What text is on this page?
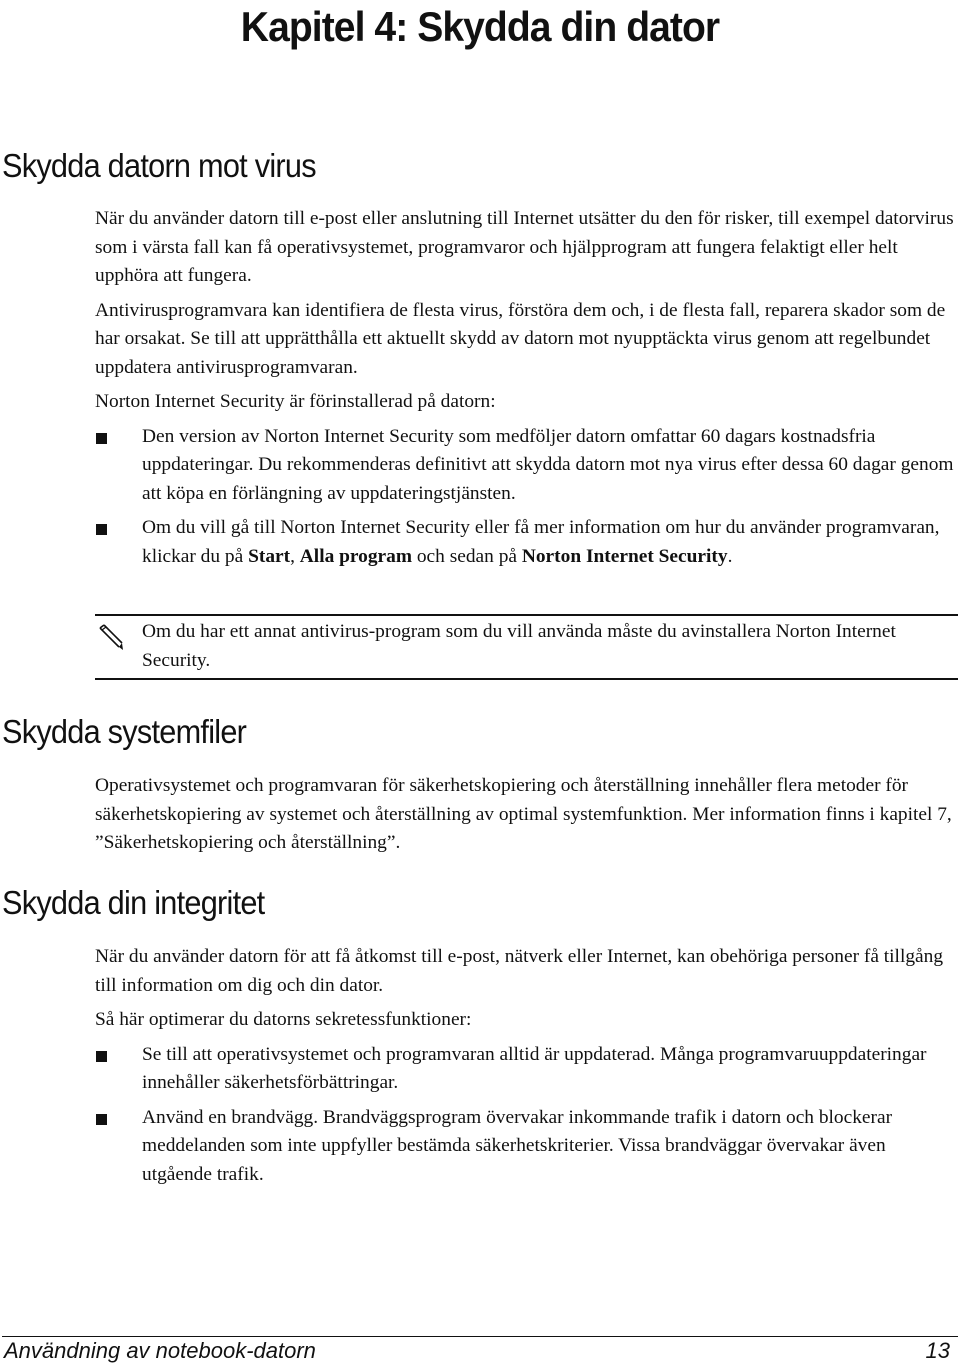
Kapitel 4: Skydda din dator
Skydda datorn mot virus

När du använder datorn till e-post eller anslutning till Internet utsätter du den för risker, till exempel datorvirus som i värsta fall kan få operativsystemet, programvaror och hjälpprogram att fungera felaktigt eller helt upphöra att fungera.

Antivirusprogramvara kan identifiera de flesta virus, förstöra dem och, i de flesta fall, reparera skador som de har orsakat. Se till att upprätthålla ett aktuellt skydd av datorn mot nyupptäckta virus genom att regelbundet uppdatera antivirusprogramvaran.

Norton Internet Security är förinstallerad på datorn:

Den version av Norton Internet Security som medföljer datorn omfattar 60 dagars kostnadsfria uppdateringar. Du rekommenderas definitivt att skydda datorn mot nya virus efter dessa 60 dagar genom att köpa en förlängning av uppdateringstjänsten.
Om du vill gå till Norton Internet Security eller få mer information om hur du använder programvaran, klickar du på Start, Alla program och sedan på Norton Internet Security.
Om du har ett annat antivirus-program som du vill använda måste du avinstallera Norton Internet Security.
Skydda systemfiler

Operativsystemet och programvaran för säkerhetskopiering och återställning innehåller flera metoder för säkerhetskopiering av systemet och återställning av optimal systemfunktion. Mer information finns i kapitel 7, ”Säkerhetskopiering och återställning”.

Skydda din integritet

När du använder datorn för att få åtkomst till e-post, nätverk eller Internet, kan obehöriga personer få tillgång till information om dig och din dator.

Så här optimerar du datorns sekretessfunktioner:

Se till att operativsystemet och programvaran alltid är uppdaterad. Många programvaruuppdateringar innehåller säkerhetsförbättringar.
Använd en brandvägg. Brandväggsprogram övervakar inkommande trafik i datorn och blockerar meddelanden som inte uppfyller bestämda säkerhetskriterier. Vissa brandväggar övervakar även utgående trafik.
Användning av notebook-datorn	13
